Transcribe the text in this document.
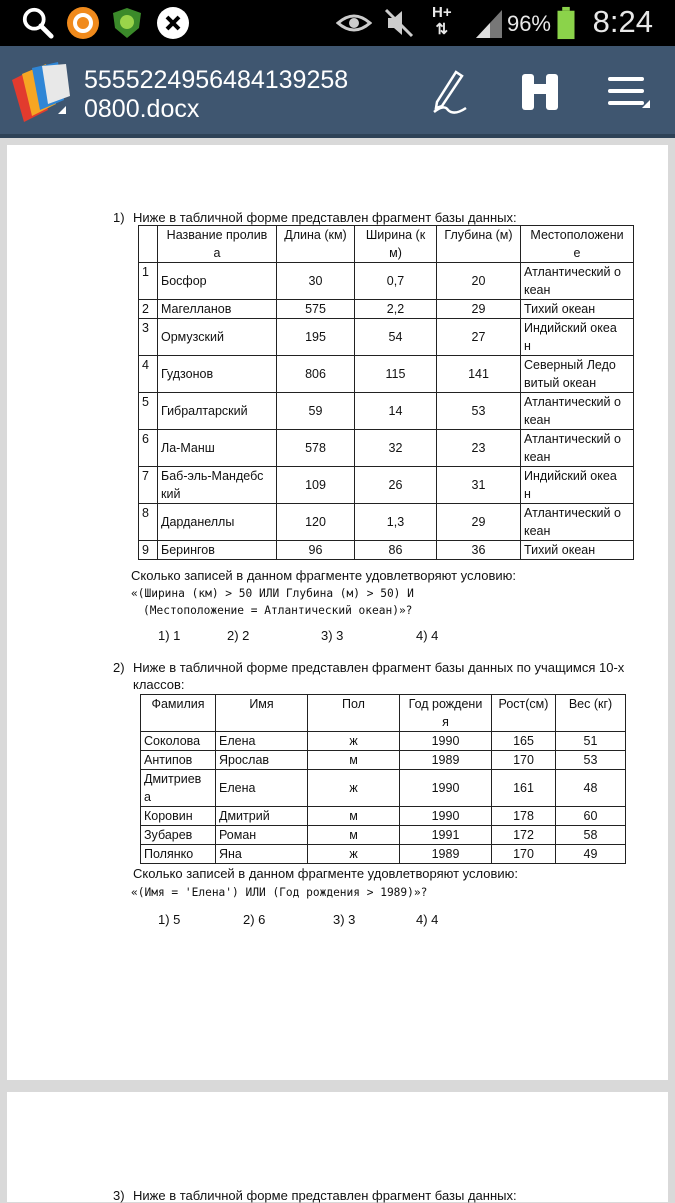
H+
⇅	96% 8:24
5555224956484139258
0800.docx
1) Ниже в табличной форме представлен фрагмент базы данных:
	Название пролив
а	Длина (км)	Ширина (к
м)	Глубина (м)	Местоположени
е
1	Босфор	30	0,7	20	Атлантический о
кеан
2	Магелланов	575	2,2	29	Тихий океан
3	Ормузский	195	54	27	Индийский океа
н
4	Гудзонов	806	115	141	Северный Ледо
витый океан
5	Гибралтарский	59	14	53	Атлантический о
кеан
6	Ла-Манш	578	32	23	Атлантический о
кеан
7	Баб-эль-Мандебс
кий	109	26	31	Индийский океа
н
8	Дарданеллы	120	1,3	29	Атлантический о
кеан
9	Берингов	96	86	36	Тихий океан
Сколько записей в данном фрагменте удовлетворяют условию:
«(Ширина (км) > 50 ИЛИ Глубина (м) > 50) И
(Местоположение = Атлантический океан)»?
1) 1	2) 2	3) 3	4) 4
2) Ниже в табличной форме представлен фрагмент базы данных по учащимся 10-х
классов:
Фамилия	Имя	Пол	Год рождени
я	Рост(см)	Вес (кг)
Соколова	Елена	ж	1990	165	51
Антипов	Ярослав	м	1989	170	53
Дмитриев
а	Елена	ж	1990	161	48
Коровин	Дмитрий	м	1990	178	60
Зубарев	Роман	м	1991	172	58
Полянко	Яна	ж	1989	170	49
Сколько записей в данном фрагменте удовлетворяют условию:
«(Имя = 'Елена') ИЛИ (Год рождения > 1989)»?
1) 5	2) 6	3) 3	4) 4
3) Ниже в табличной форме представлен фрагмент базы данных:
